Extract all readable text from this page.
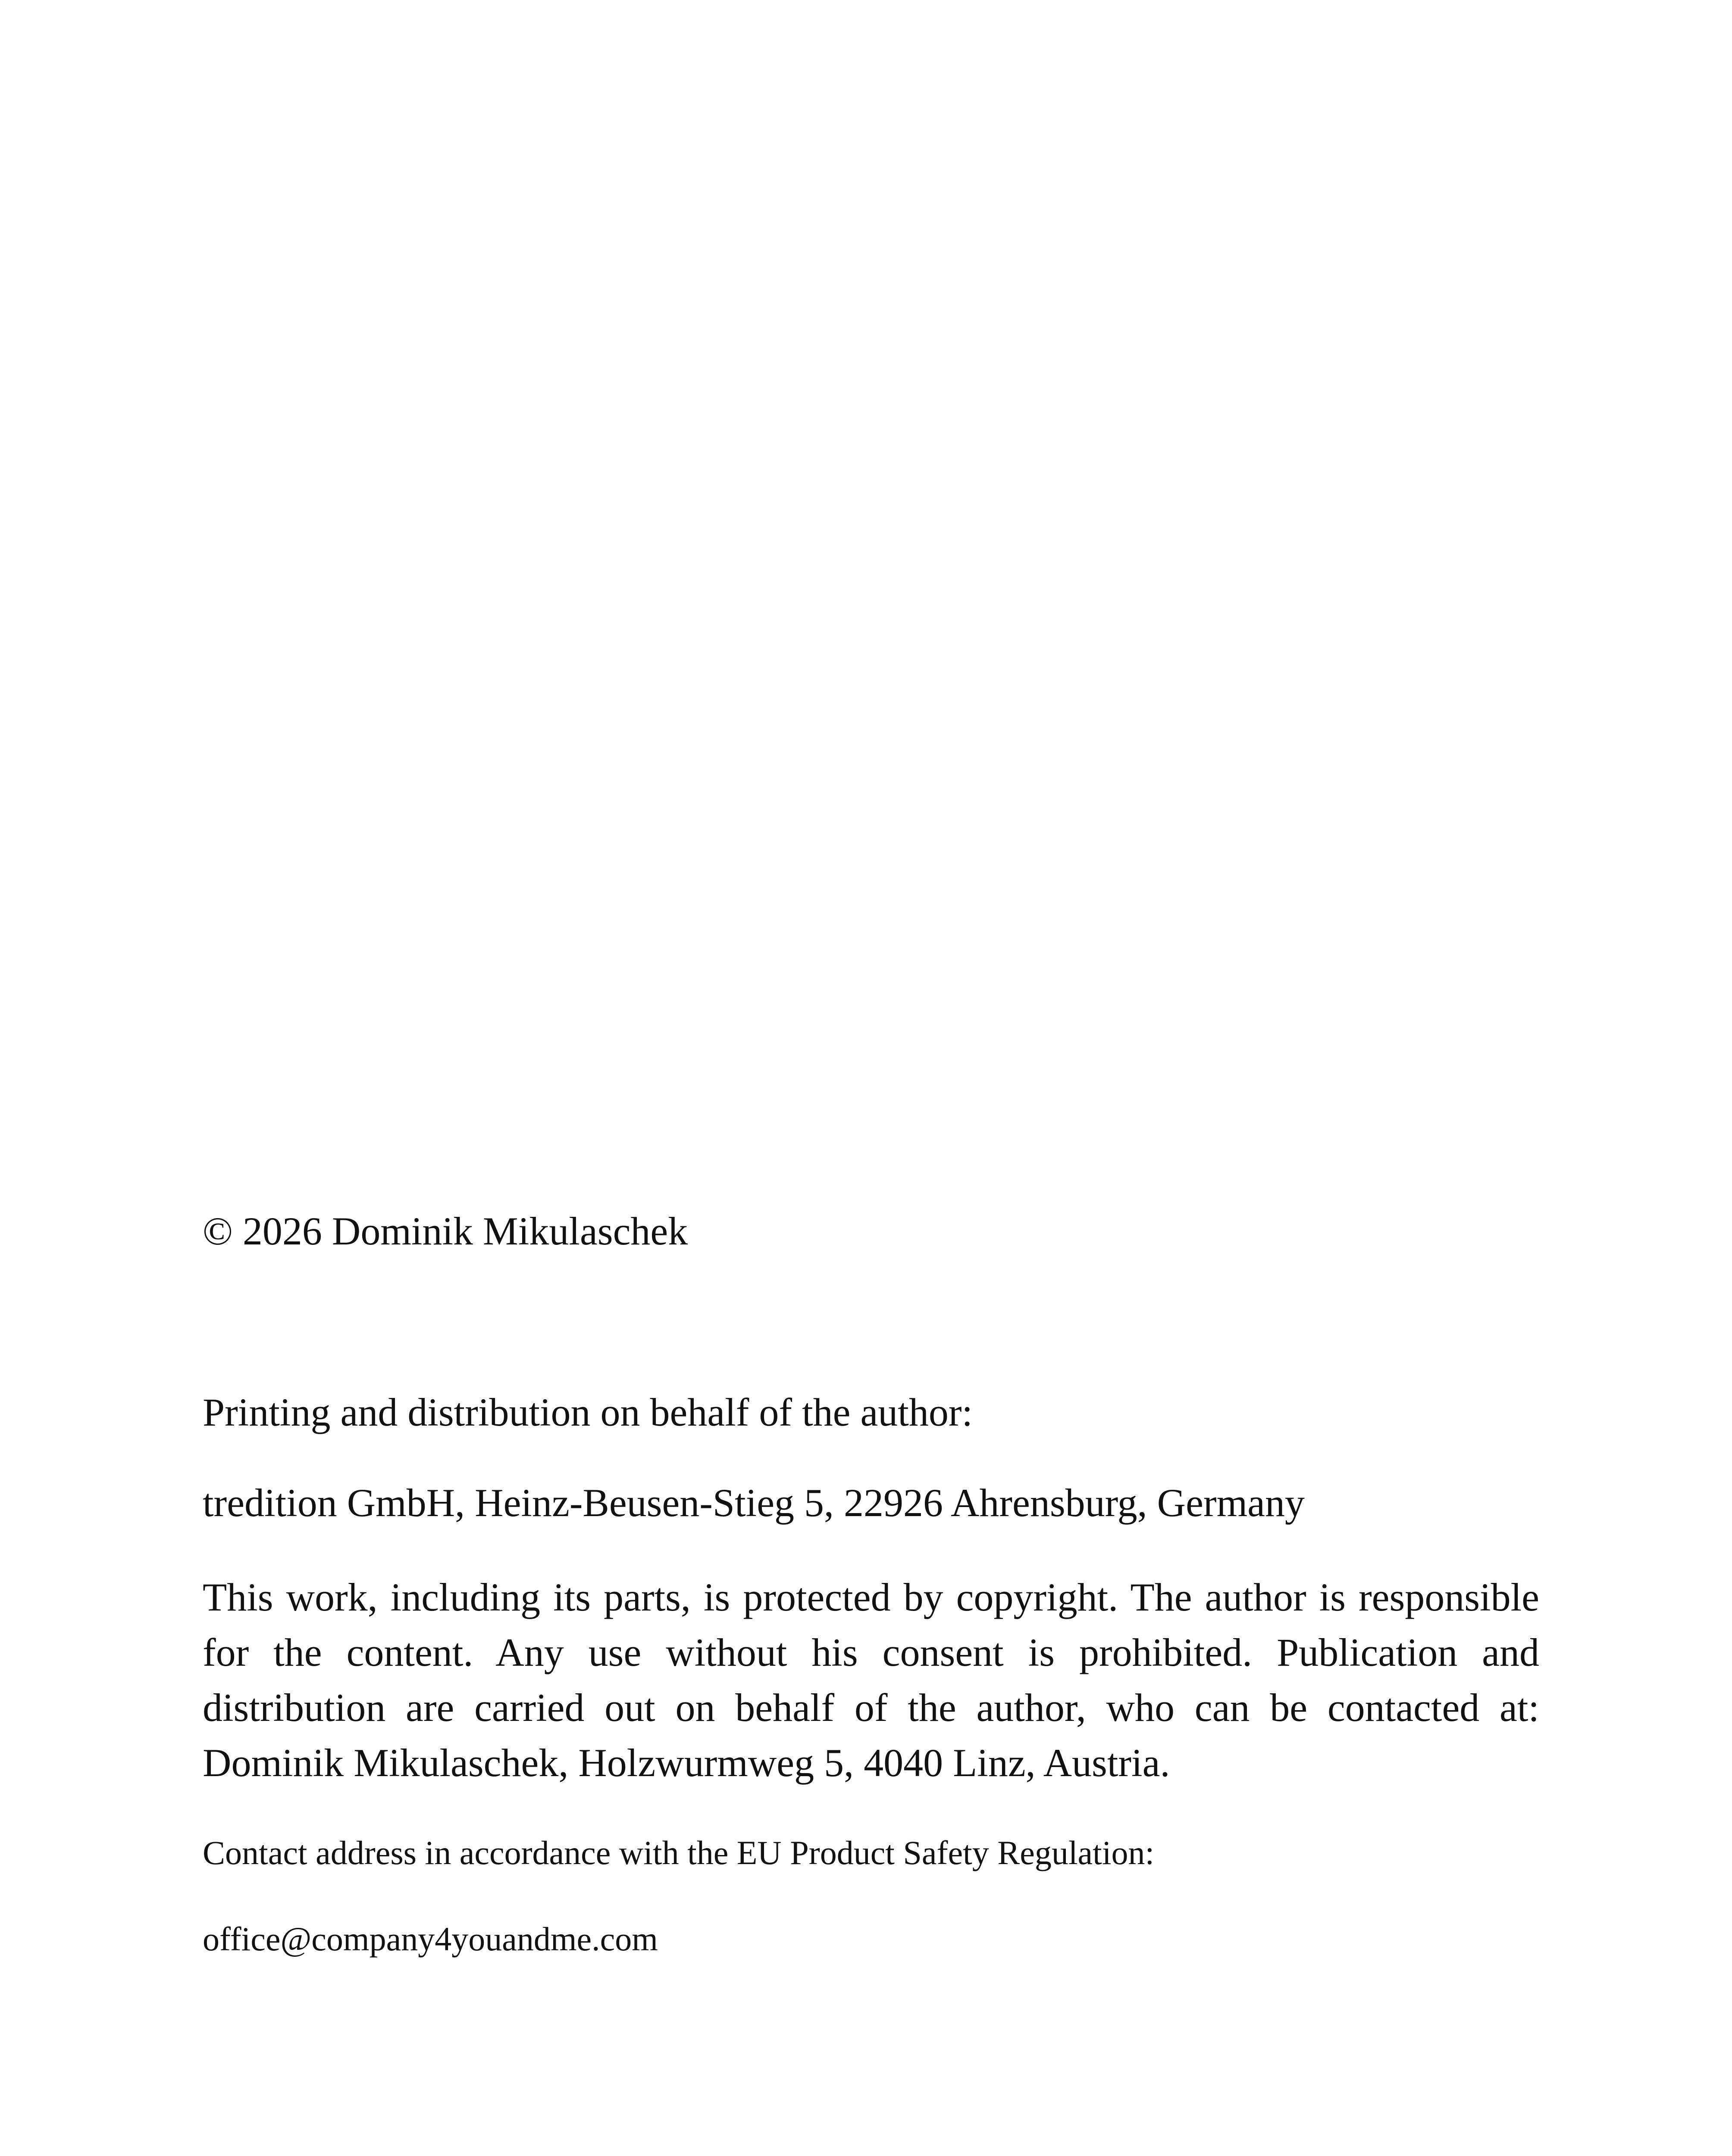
© 2026 Dominik Mikulaschek

Printing and distribution on behalf of the author:

tredition GmbH, Heinz-Beusen-Stieg 5, 22926 Ahrensburg, Germany

This work, including its parts, is protected by copyright. The author is responsible for the content. Any use without his consent is prohibited. Publication and distribution are carried out on behalf of the author, who can be contacted at: Dominik Mikulaschek, Holzwurmweg 5, 4040 Linz, Austria.

Contact address in accordance with the EU Product Safety Regulation:

office@company4youandme.com
